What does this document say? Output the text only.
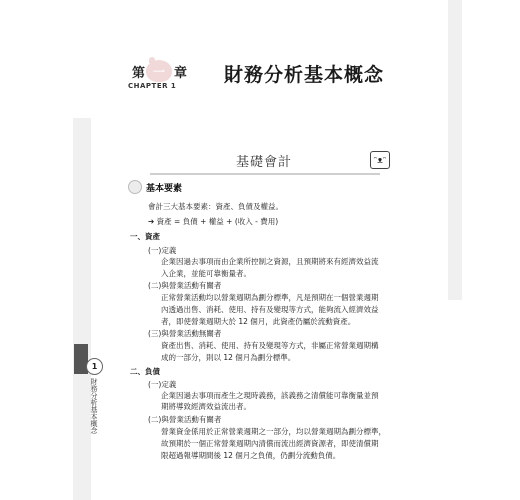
第 一 章
CHAPTER 1	財務分析基本概念
1
財務分析基本概念
基礎會計	ᵔᴥᵔ
基本要素
會計三大基本要素：資產、負債及權益。
➔ 資產 = 負債 + 權益 + (收入 - 費用)
一、資產
(一)定義
企業因過去事項而由企業所控制之資源，且預期將來有經濟效益流
入企業，並能可靠衡量者。
(二)與營業活動有關者
正常營業活動均以營業週期為劃分標準，凡是預期在一個營業週期
內透過出售、消耗、使用、持有及變現等方式，能夠流入經濟效益
者，即使營業週期大於 12 個月，此資產仍屬於流動資產。
(三)與營業活動無關者
資產出售、消耗、使用、持有及變現等方式，非屬正常營業週期構
成的一部分，則以 12 個月為劃分標準。
二、負債
(一)定義
企業因過去事項而產生之現時義務，該義務之清償能可靠衡量並預
期將導致經濟效益流出者。
(二)與營業活動有關者
營業資金係用於正常營業週期之一部分，均以營業週期為劃分標準，
故預期於一個正常營業週期內清償而流出經濟資源者，即使清償期
限超過報導期間後 12 個月之負債，仍劃分流動負債。
